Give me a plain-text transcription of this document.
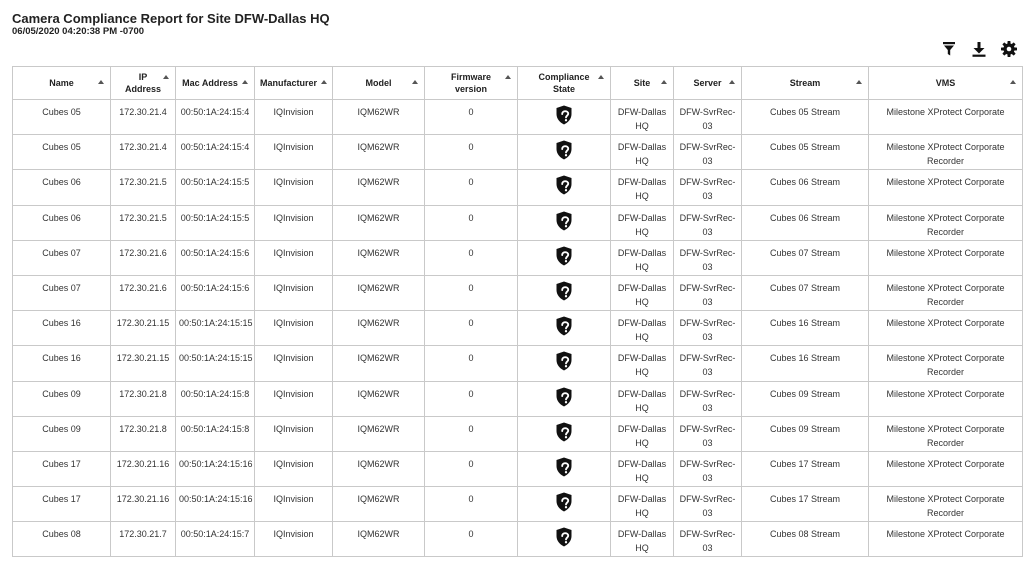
Camera Compliance Report for Site DFW-Dallas HQ
06/05/2020 04:20:38 PM -0700
Name	IP Address	Mac Address	Manufacturer	Model	Firmware version	Compliance State	Site	Server	Stream	VMS

Cubes 05	172.30.21.4	00:50:1A:24:15:4	IQInvision	IQM62WR	0		DFW-Dallas HQ	DFW-SvrRec-03	Cubes 05 Stream	Milestone XProtect Corporate
Cubes 05	172.30.21.4	00:50:1A:24:15:4	IQInvision	IQM62WR	0		DFW-Dallas HQ	DFW-SvrRec-03	Cubes 05 Stream	Milestone XProtect Corporate Recorder
Cubes 06	172.30.21.5	00:50:1A:24:15:5	IQInvision	IQM62WR	0		DFW-Dallas HQ	DFW-SvrRec-03	Cubes 06 Stream	Milestone XProtect Corporate
Cubes 06	172.30.21.5	00:50:1A:24:15:5	IQInvision	IQM62WR	0		DFW-Dallas HQ	DFW-SvrRec-03	Cubes 06 Stream	Milestone XProtect Corporate Recorder
Cubes 07	172.30.21.6	00:50:1A:24:15:6	IQInvision	IQM62WR	0		DFW-Dallas HQ	DFW-SvrRec-03	Cubes 07 Stream	Milestone XProtect Corporate
Cubes 07	172.30.21.6	00:50:1A:24:15:6	IQInvision	IQM62WR	0		DFW-Dallas HQ	DFW-SvrRec-03	Cubes 07 Stream	Milestone XProtect Corporate Recorder
Cubes 16	172.30.21.15	00:50:1A:24:15:15	IQInvision	IQM62WR	0		DFW-Dallas HQ	DFW-SvrRec-03	Cubes 16 Stream	Milestone XProtect Corporate
Cubes 16	172.30.21.15	00:50:1A:24:15:15	IQInvision	IQM62WR	0		DFW-Dallas HQ	DFW-SvrRec-03	Cubes 16 Stream	Milestone XProtect Corporate Recorder
Cubes 09	172.30.21.8	00:50:1A:24:15:8	IQInvision	IQM62WR	0		DFW-Dallas HQ	DFW-SvrRec-03	Cubes 09 Stream	Milestone XProtect Corporate
Cubes 09	172.30.21.8	00:50:1A:24:15:8	IQInvision	IQM62WR	0		DFW-Dallas HQ	DFW-SvrRec-03	Cubes 09 Stream	Milestone XProtect Corporate Recorder
Cubes 17	172.30.21.16	00:50:1A:24:15:16	IQInvision	IQM62WR	0		DFW-Dallas HQ	DFW-SvrRec-03	Cubes 17 Stream	Milestone XProtect Corporate
Cubes 17	172.30.21.16	00:50:1A:24:15:16	IQInvision	IQM62WR	0		DFW-Dallas HQ	DFW-SvrRec-03	Cubes 17 Stream	Milestone XProtect Corporate Recorder
Cubes 08	172.30.21.7	00:50:1A:24:15:7	IQInvision	IQM62WR	0		DFW-Dallas HQ	DFW-SvrRec-03	Cubes 08 Stream	Milestone XProtect Corporate
